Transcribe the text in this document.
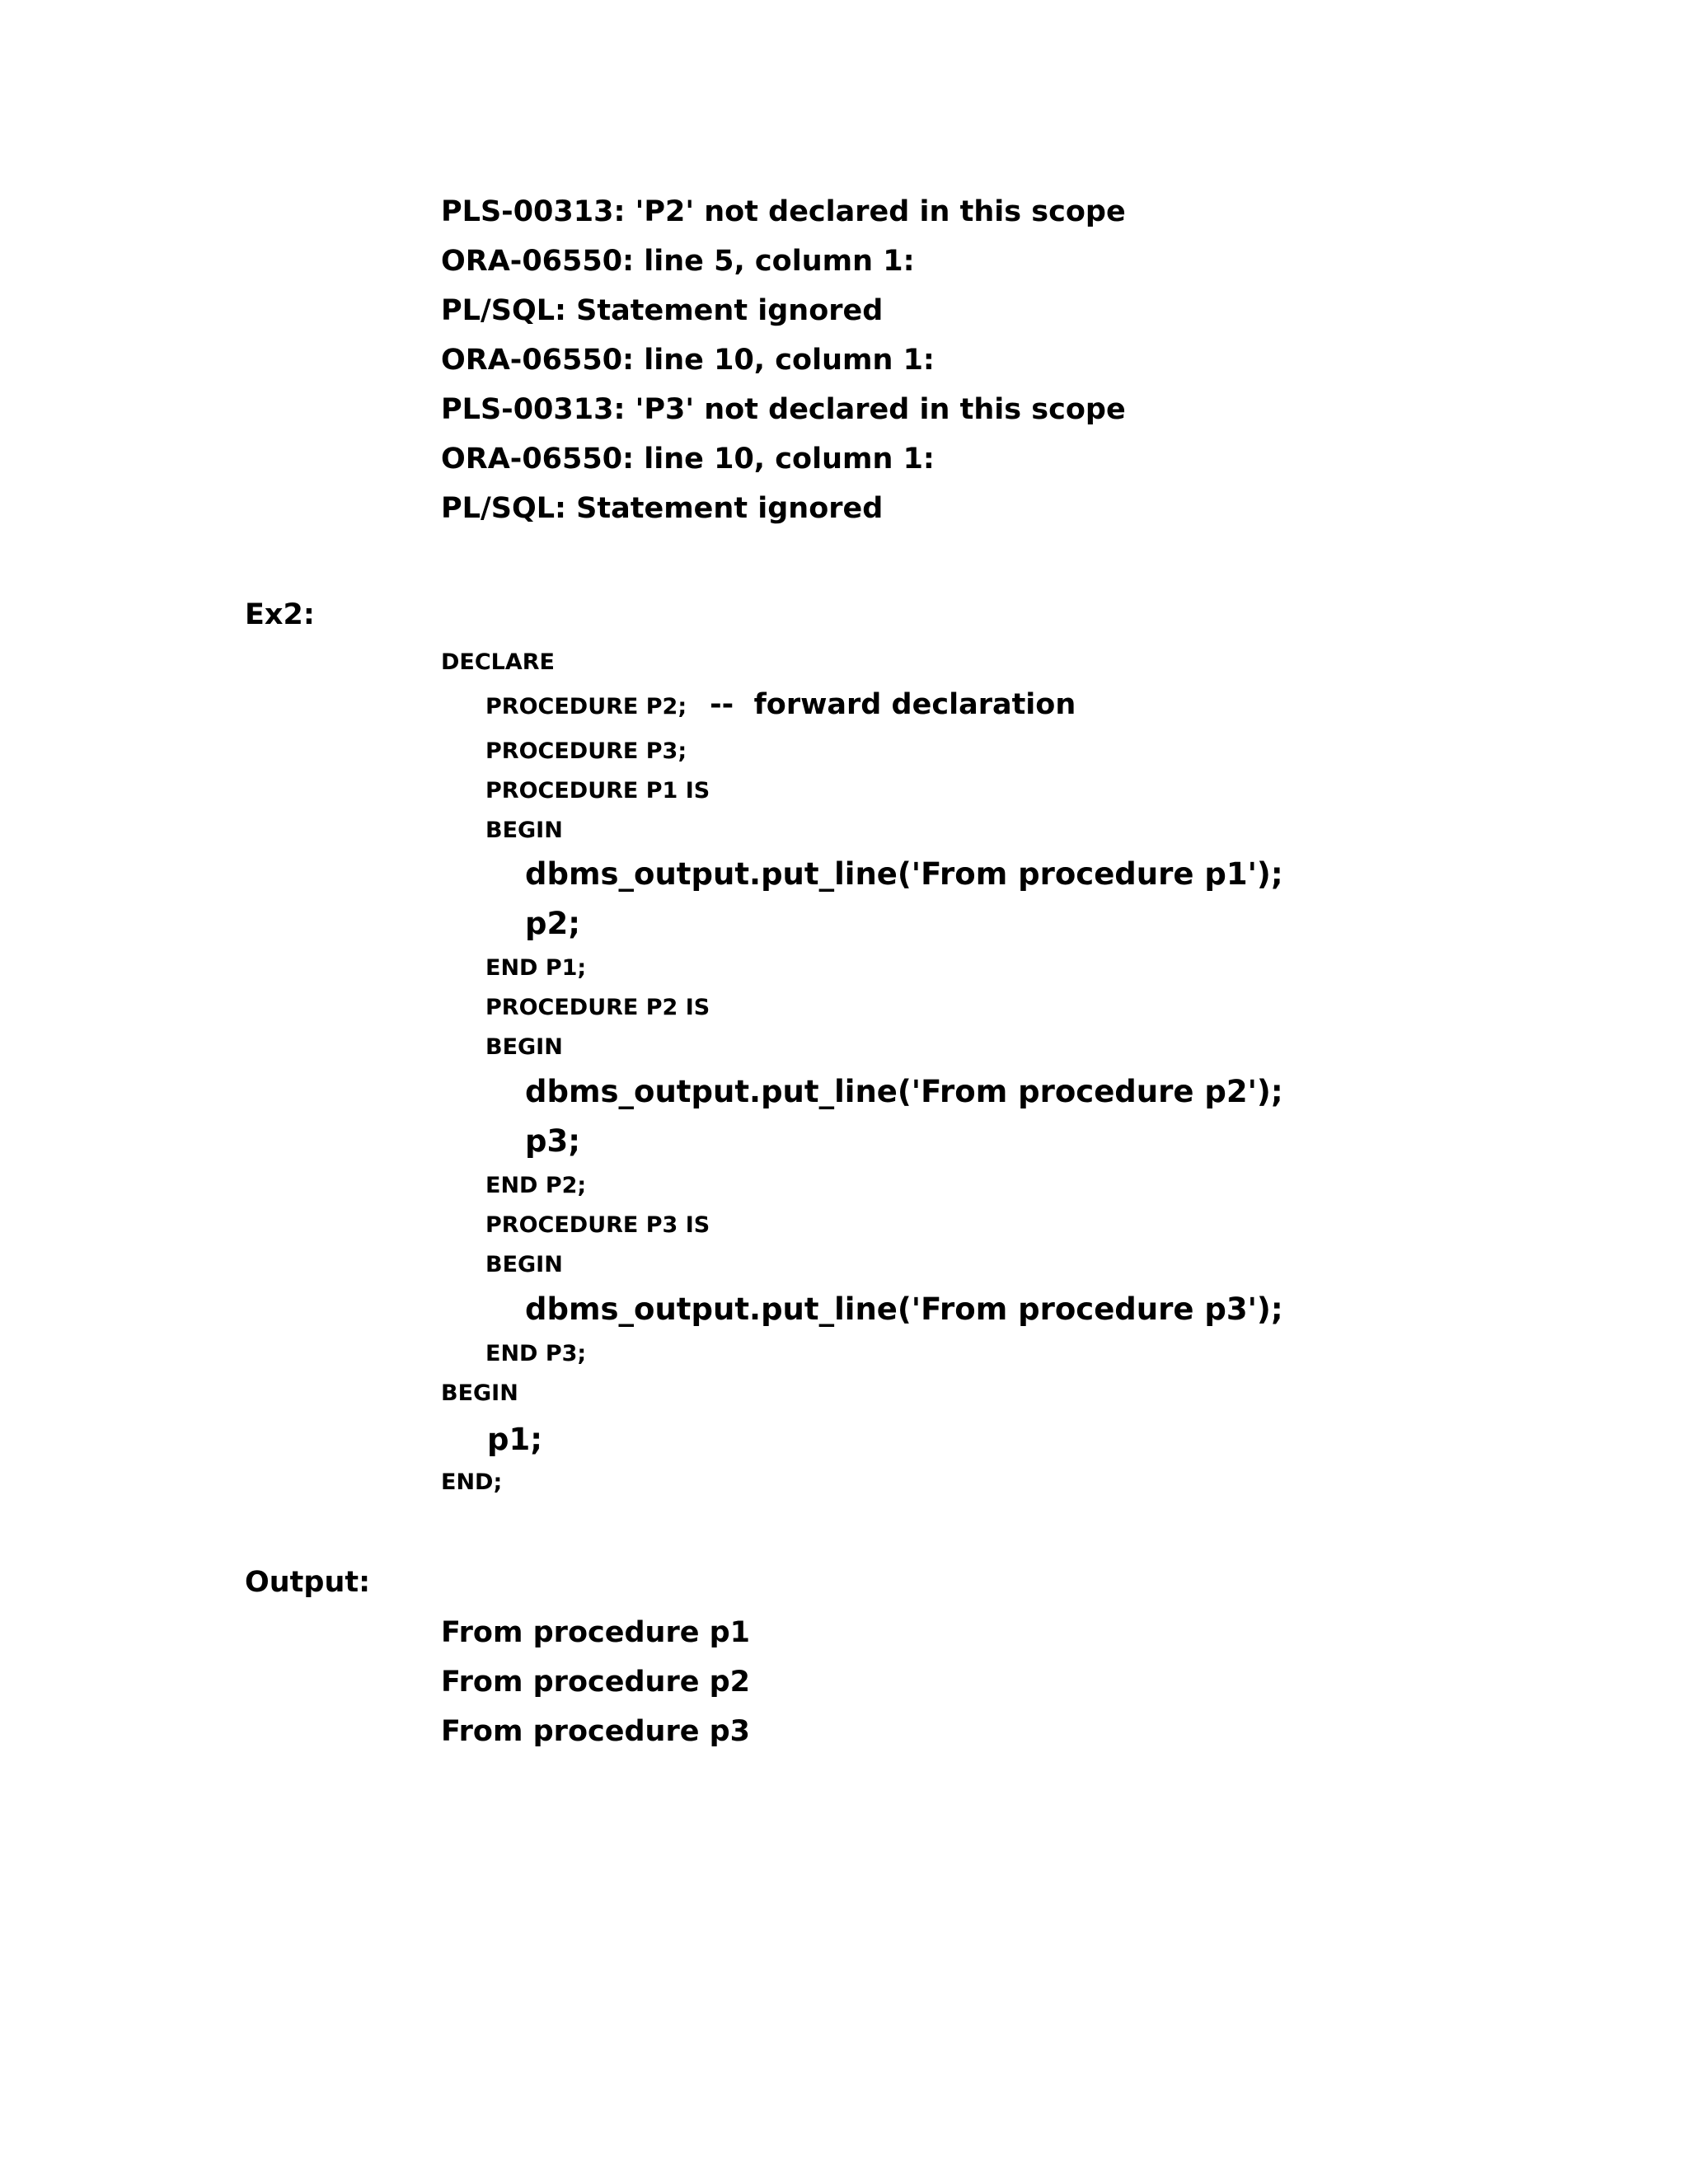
PLS-00313: 'P2' not declared in this scope
ORA-06550: line 5, column 1:
PL/SQL: Statement ignored
ORA-06550: line 10, column 1:
PLS-00313: 'P3' not declared in this scope
ORA-06550: line 10, column 1:
PL/SQL: Statement ignored
Ex2:
DECLARE
PROCEDURE P2; --  forward declaration
PROCEDURE P3;
PROCEDURE P1 IS
BEGIN
dbms_output.put_line('From procedure p1');
p2;
END P1;
PROCEDURE P2 IS
BEGIN
dbms_output.put_line('From procedure p2');
p3;
END P2;
PROCEDURE P3 IS
BEGIN
dbms_output.put_line('From procedure p3');
END P3;
BEGIN
p1;
END;
Output:
From procedure p1
From procedure p2
From procedure p3
